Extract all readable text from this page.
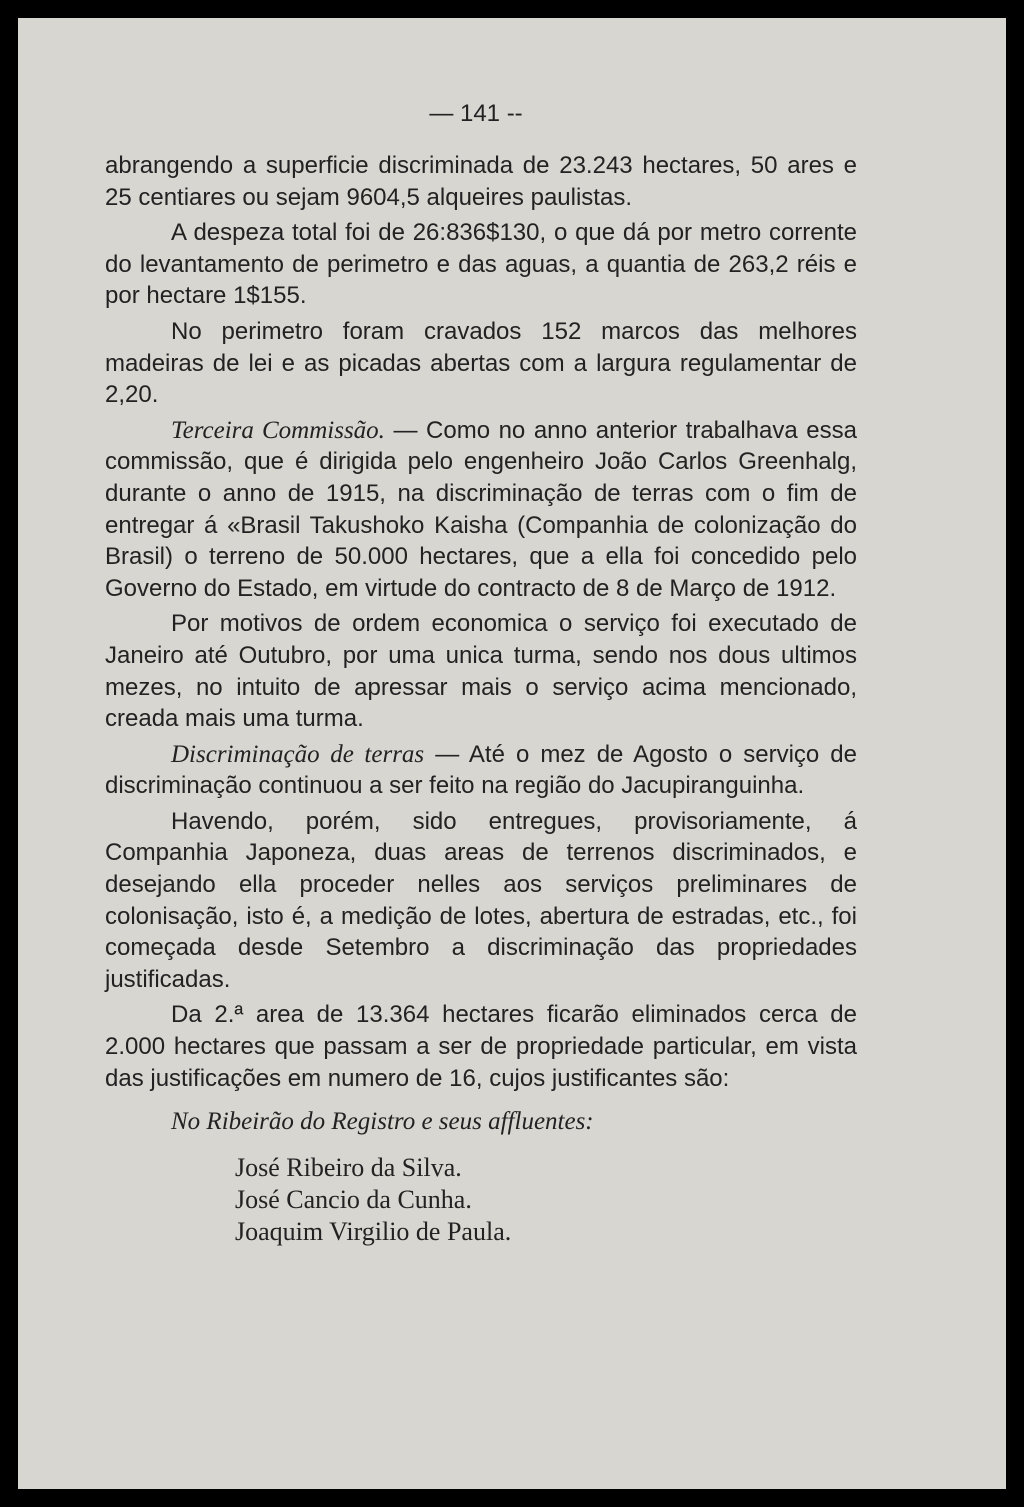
— 141 --

abrangendo a superficie discriminada de 23.243 hectares, 50 ares e 25 centiares ou sejam 9604,5 alqueires paulistas.

A despeza total foi de 26:836$130, o que dá por metro corrente do levantamento de perimetro e das aguas, a quantia de 263,2 réis e por hectare 1$155.

No perimetro foram cravados 152 marcos das melhores madeiras de lei e as picadas abertas com a largura regulamentar de 2,20.

Terceira Commissão. — Como no anno anterior trabalhava essa commissão, que é dirigida pelo engenheiro João Carlos Greenhalg, durante o anno de 1915, na discriminação de terras com o fim de entregar á «Brasil Takushoko Kaisha (Companhia de colonização do Brasil) o terreno de 50.000 hectares, que a ella foi concedido pelo Governo do Estado, em virtude do contracto de 8 de Março de 1912.

Por motivos de ordem economica o serviço foi executado de Janeiro até Outubro, por uma unica turma, sendo nos dous ultimos mezes, no intuito de apressar mais o serviço acima mencionado, creada mais uma turma.

Discriminação de terras — Até o mez de Agosto o serviço de discriminação continuou a ser feito na região do Jacupiranguinha.

Havendo, porém, sido entregues, provisoriamente, á Companhia Japoneza, duas areas de terrenos discriminados, e desejando ella proceder nelles aos serviços preliminares de colonisação, isto é, a medição de lotes, abertura de estradas, etc., foi começada desde Setembro a discriminação das propriedades justificadas.

Da 2.ª area de 13.364 hectares ficarão eliminados cerca de 2.000 hectares que passam a ser de propriedade particular, em vista das justificações em numero de 16, cujos justificantes são:

No Ribeirão do Registro e seus affluentes:
José Ribeiro da Silva.
José Cancio da Cunha.
Joaquim Virgilio de Paula.
